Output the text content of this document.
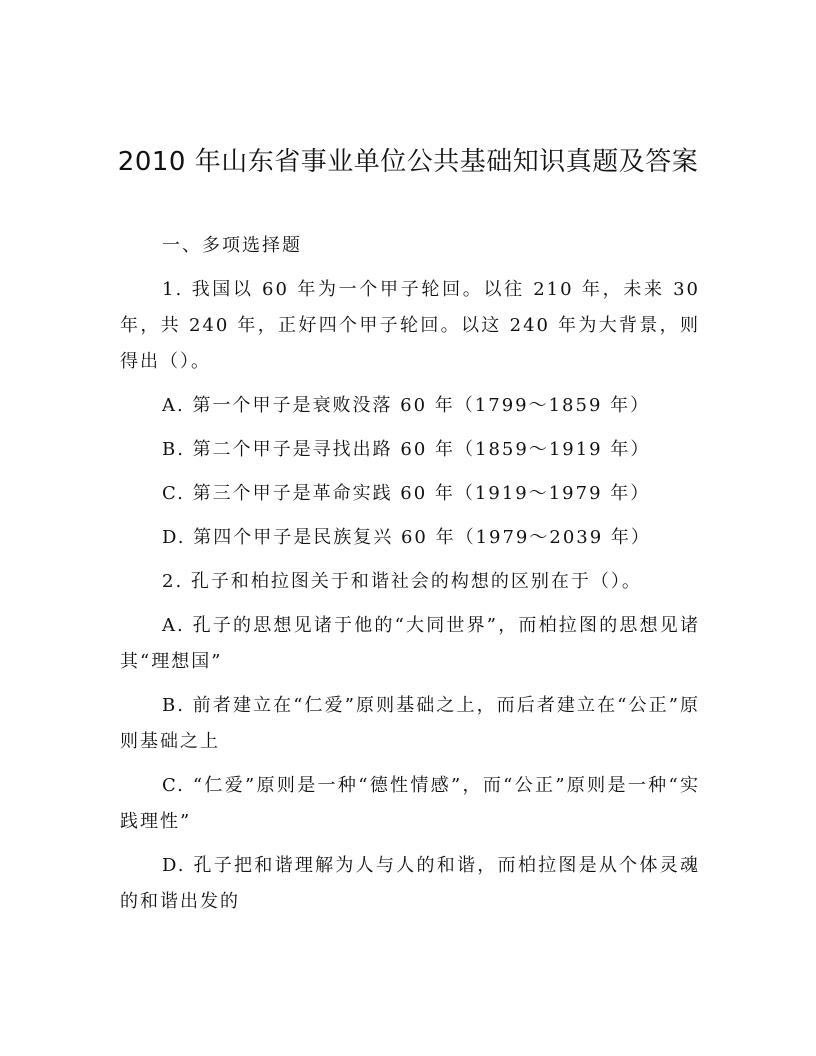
2010 年山东省事业单位公共基础知识真题及答案

一、多项选择题

1. 我国以 60 年为一个甲子轮回。以往 210 年，未来 30 年，共 240 年，正好四个甲子轮回。以这 240 年为大背景，则得出（）。

A. 第一个甲子是衰败没落 60 年（1799～1859 年）

B. 第二个甲子是寻找出路 60 年（1859～1919 年）

C. 第三个甲子是革命实践 60 年（1919～1979 年）

D. 第四个甲子是民族复兴 60 年（1979～2039 年）

2. 孔子和柏拉图关于和谐社会的构想的区别在于（）。

A. 孔子的思想见诸于他的“大同世界”，而柏拉图的思想见诸其“理想国”

B. 前者建立在“仁爱”原则基础之上，而后者建立在“公正”原则基础之上

C. “仁爱”原则是一种“德性情感”，而“公正”原则是一种“实践理性”

D. 孔子把和谐理解为人与人的和谐，而柏拉图是从个体灵魂的和谐出发的
